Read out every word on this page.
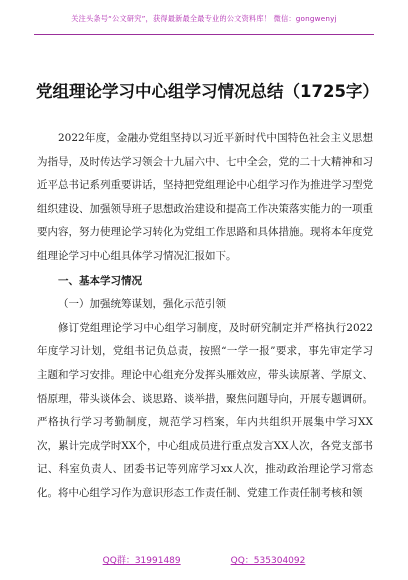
关注头条号“公文研究”，获得最新最全最专业的公文资料库！ 微信：gongwenyj
党组理论学习中心组学习情况总结（1725字）

2022年度，金融办党组坚持以习近平新时代中国特色社会主义思想为指导，及时传达学习领会十九届六中、七中全会，党的二十大精神和习近平总书记系列重要讲话，坚持把党组理论中心组学习作为推进学习型党组织建设、加强领导班子思想政治建设和提高工作决策落实能力的一项重要内容，努力使理论学习转化为党组工作思路和具体措施。现将本年度党组理论学习中心组具体学习情况汇报如下。

一、基本学习情况

（一）加强统筹谋划，强化示范引领

修订党组理论学习中心组学习制度，及时研究制定并严格执行2022年度学习计划，党组书记负总责，按照“一学一报”要求，事先审定学习主题和学习安排。理论中心组充分发挥头雁效应，带头读原著、学原文、悟原理，带头谈体会、谈思路、谈举措，聚焦问题导向，开展专题调研。严格执行学习考勤制度，规范学习档案，年内共组织开展集中学习XX次，累计完成学时XX个，中心组成员进行重点发言XX人次，各党支部书记、科室负责人、团委书记等列席学习xx人次，推动政治理论学习常态化。将中心组学习作为意识形态工作责任制、党建工作责任制考核和领

QQ群：31991489	QQ：535304092
